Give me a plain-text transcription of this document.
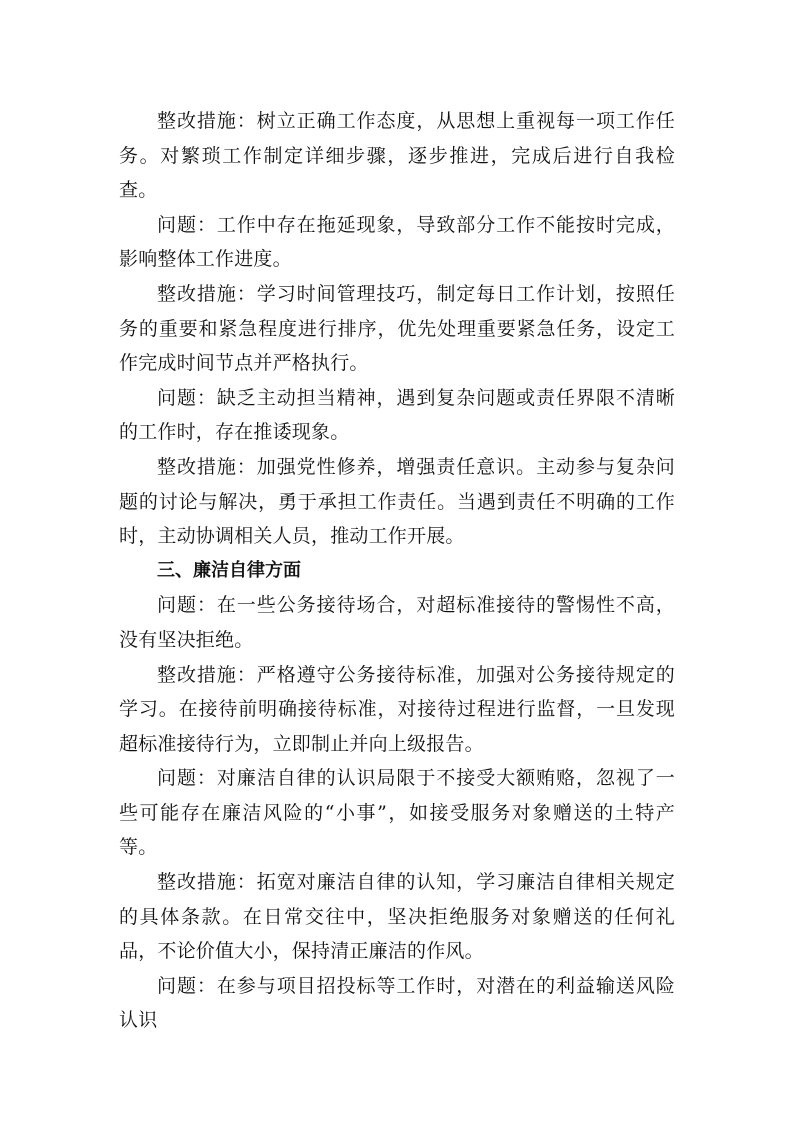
整改措施：树立正确工作态度，从思想上重视每一项工作任务。对繁琐工作制定详细步骤，逐步推进，完成后进行自我检查。

问题：工作中存在拖延现象，导致部分工作不能按时完成，影响整体工作进度。

整改措施：学习时间管理技巧，制定每日工作计划，按照任务的重要和紧急程度进行排序，优先处理重要紧急任务，设定工作完成时间节点并严格执行。

问题：缺乏主动担当精神，遇到复杂问题或责任界限不清晰的工作时，存在推诿现象。

整改措施：加强党性修养，增强责任意识。主动参与复杂问题的讨论与解决，勇于承担工作责任。当遇到责任不明确的工作时，主动协调相关人员，推动工作开展。

三、廉洁自律方面

问题：在一些公务接待场合，对超标准接待的警惕性不高，没有坚决拒绝。

整改措施：严格遵守公务接待标准，加强对公务接待规定的学习。在接待前明确接待标准，对接待过程进行监督，一旦发现超标准接待行为，立即制止并向上级报告。

问题：对廉洁自律的认识局限于不接受大额贿赂，忽视了一些可能存在廉洁风险的“小事”，如接受服务对象赠送的土特产等。

整改措施：拓宽对廉洁自律的认知，学习廉洁自律相关规定的具体条款。在日常交往中，坚决拒绝服务对象赠送的任何礼品，不论价值大小，保持清正廉洁的作风。

问题：在参与项目招投标等工作时，对潜在的利益输送风险认识
